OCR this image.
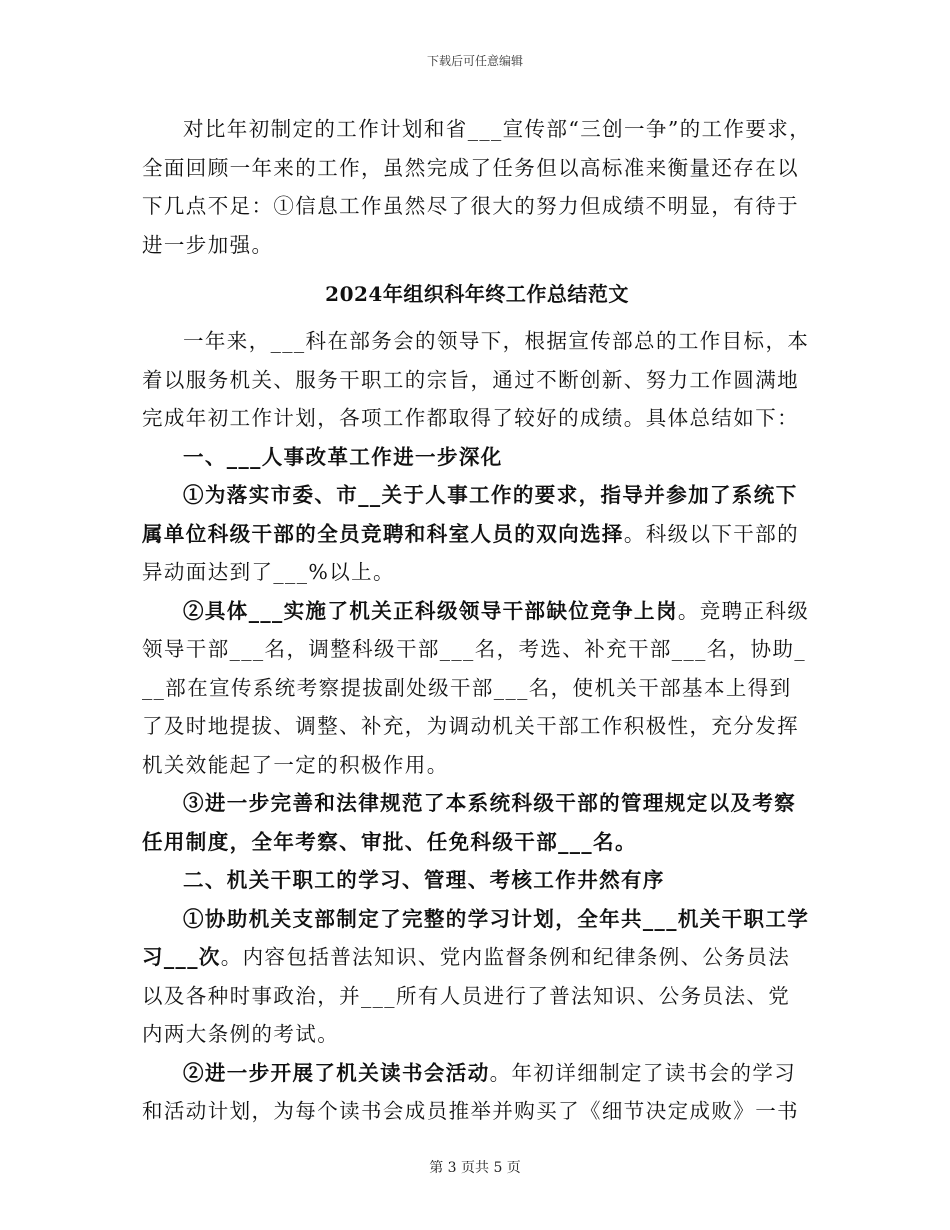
下载后可任意编辑

对比年初制定的工作计划和省___宣传部“三创一争”的工作要求，全面回顾一年来的工作，虽然完成了任务但以高标准来衡量还存在以下几点不足：①信息工作虽然尽了很大的努力但成绩不明显，有待于进一步加强。

2024年组织科年终工作总结范文

一年来，___科在部务会的领导下，根据宣传部总的工作目标，本着以服务机关、服务干职工的宗旨，通过不断创新、努力工作圆满地完成年初工作计划，各项工作都取得了较好的成绩。具体总结如下：

一、___人事改革工作进一步深化

①为落实市委、市__关于人事工作的要求，指导并参加了系统下属单位科级干部的全员竞聘和科室人员的双向选择。科级以下干部的异动面达到了___%以上。

②具体___实施了机关正科级领导干部缺位竞争上岗。竞聘正科级领导干部___名，调整科级干部___名，考选、补充干部___名，协助___部在宣传系统考察提拔副处级干部___名，使机关干部基本上得到了及时地提拔、调整、补充，为调动机关干部工作积极性，充分发挥机关效能起了一定的积极作用。

③进一步完善和法律规范了本系统科级干部的管理规定以及考察任用制度，全年考察、审批、任免科级干部___名。

二、机关干职工的学习、管理、考核工作井然有序

①协助机关支部制定了完整的学习计划，全年共___机关干职工学习___次。内容包括普法知识、党内监督条例和纪律条例、公务员法以及各种时事政治，并___所有人员进行了普法知识、公务员法、党内两大条例的考试。

②进一步开展了机关读书会活动。年初详细制定了读书会的学习和活动计划，为每个读书会成员推举并购买了《细节决定成败》一书

第 3 页共 5 页
